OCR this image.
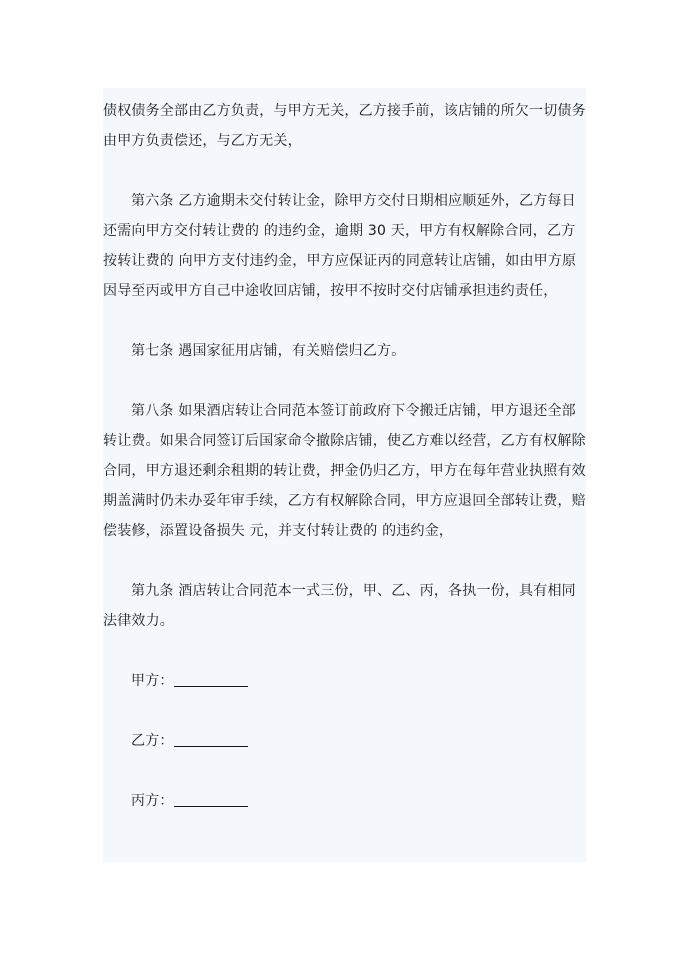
债权债务全部由乙方负责，与甲方无关，乙方接手前，该店铺的所欠一切债务由甲方负责偿还，与乙方无关，

第六条 乙方逾期未交付转让金，除甲方交付日期相应顺延外，乙方每日还需向甲方交付转让费的 的违约金，逾期 30 天，甲方有权解除合同，乙方按转让费的 向甲方支付违约金，甲方应保证丙的同意转让店铺，如由甲方原因导至丙或甲方自己中途收回店铺，按甲不按时交付店铺承担违约责任，

第七条 遇国家征用店铺，有关赔偿归乙方。

第八条 如果酒店转让合同范本签订前政府下令搬迁店铺，甲方退还全部转让费。如果合同签订后国家命令撤除店铺，使乙方难以经营，乙方有权解除合同，甲方退还剩余租期的转让费，押金仍归乙方，甲方在每年营业执照有效期盖满时仍未办妥年审手续，乙方有权解除合同，甲方应退回全部转让费，赔偿装修，添置设备损失 元，并支付转让费的 的违约金，

第九条 酒店转让合同范本一式三份，甲、乙、丙，各执一份，具有相同法律效力。

甲方：
乙方：
丙方：
